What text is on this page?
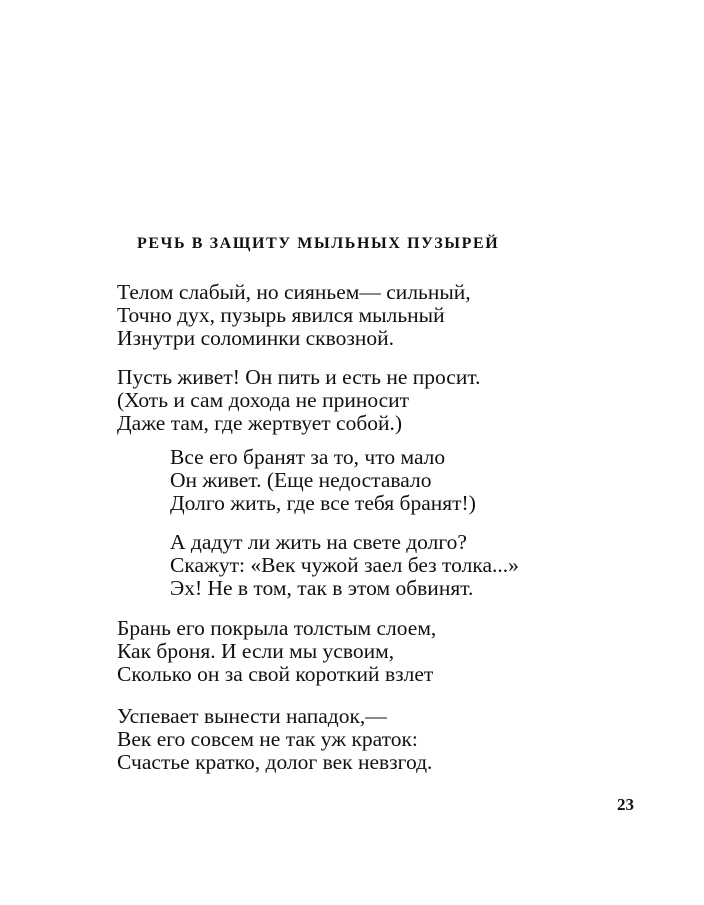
РЕЧЬ В ЗАЩИТУ МЫЛЬНЫХ ПУЗЫРЕЙ
Телом слабый, но сияньем— сильный,
Точно дух, пузырь явился мыльный
Изнутри соломинки сквозной.
Пусть живет! Он пить и есть не просит.
(Хоть и сам дохода не приносит
Даже там, где жертвует собой.)
Все его бранят за то, что мало
Он живет. (Еще недоставало
Долго жить, где все тебя бранят!)
А дадут ли жить на свете долго?
Скажут: «Век чужой заел без толка...»
Эх! Не в том, так в этом обвинят.
Брань его покрыла толстым слоем,
Как броня. И если мы усвоим,
Сколько он за свой короткий взлет
Успевает вынести нападок,—
Век его совсем не так уж краток:
Счастье кратко, долог век невзгод.
23
